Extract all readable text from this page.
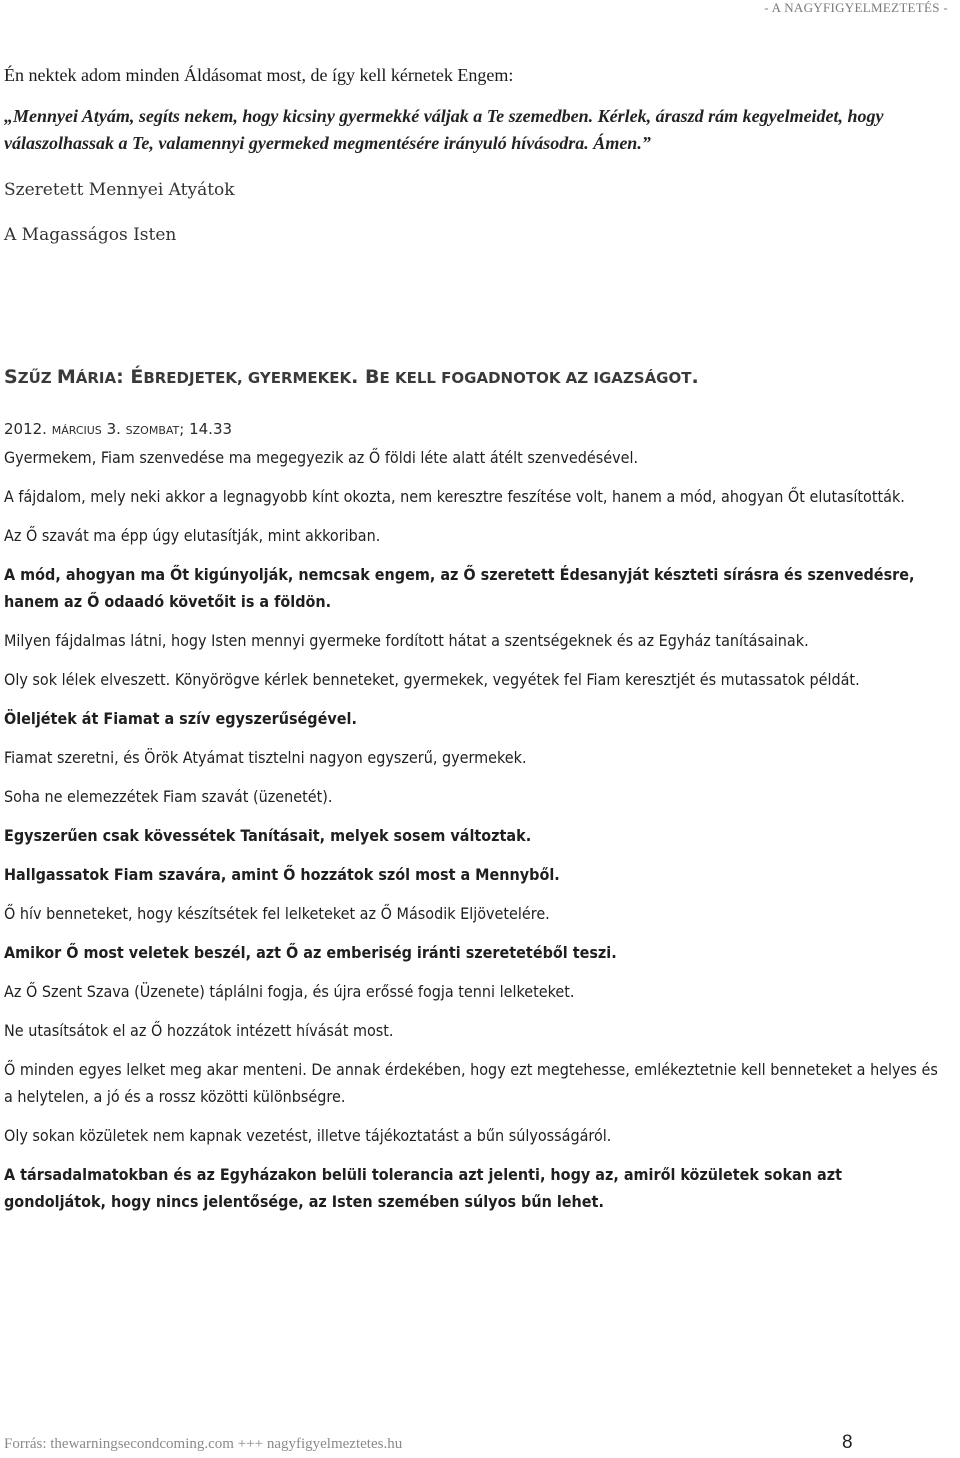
- A NAGYFIGYELMEZTETÉS -
Én nektek adom minden Áldásomat most, de így kell kérnetek Engem:
„Mennyei Atyám, segíts nekem, hogy kicsiny gyermekké váljak a Te szemedben. Kérlek, áraszd rám kegyelmeidet, hogy válaszolhassak a Te, valamennyi gyermeked megmentésére irányuló hívásodra. Ámen.”
Szeretett Mennyei Atyátok
A Magasságos Isten
SZŰZ MÁRIA: ÉBREDJETEK, GYERMEKEK. BE KELL FOGADNOTOK AZ IGAZSÁGOT.
2012. MÁRCIUS 3. SZOMBAT; 14.33

Gyermekem, Fiam szenvedése ma megegyezik az Ő földi léte alatt átélt szenvedésével.

A fájdalom, mely neki akkor a legnagyobb kínt okozta, nem keresztre feszítése volt, hanem a mód, ahogyan Őt elutasították.

Az Ő szavát ma épp úgy elutasítják, mint akkoriban.

A mód, ahogyan ma Őt kigúnyolják, nemcsak engem, az Ő szeretett Édesanyját készteti sírásra és szenvedésre, hanem az Ő odaadó követőit is a földön.

Milyen fájdalmas látni, hogy Isten mennyi gyermeke fordított hátat a szentségeknek és az Egyház tanításainak.

Oly sok lélek elveszett. Könyörögve kérlek benneteket, gyermekek, vegyétek fel Fiam keresztjét és mutassatok példát.

Öleljétek át Fiamat a szív egyszerűségével.

Fiamat szeretni, és Örök Atyámat tisztelni nagyon egyszerű, gyermekek.

Soha ne elemezzétek Fiam szavát (üzenetét).

Egyszerűen csak kövessétek Tanításait, melyek sosem változtak.

Hallgassatok Fiam szavára, amint Ő hozzátok szól most a Mennyből.

Ő hív benneteket, hogy készítsétek fel lelketeket az Ő Második Eljövetelére.

Amikor Ő most veletek beszél, azt Ő az emberiség iránti szeretetéből teszi.

Az Ő Szent Szava (Üzenete) táplálni fogja, és újra erőssé fogja tenni lelketeket.

Ne utasítsátok el az Ő hozzátok intézett hívását most.

Ő minden egyes lelket meg akar menteni. De annak érdekében, hogy ezt megtehesse, emlékeztetnie kell benneteket a helyes és a helytelen, a jó és a rossz közötti különbségre.

Oly sokan közületek nem kapnak vezetést, illetve tájékoztatást a bűn súlyosságáról.

A társadalmatokban és az Egyházakon belüli tolerancia azt jelenti, hogy az, amiről közületek sokan azt gondoljátok, hogy nincs jelentősége, az Isten szemében súlyos bűn lehet.

Forrás: thewarningsecondcoming.com +++ nagyfigyelmeztetes.hu	8
